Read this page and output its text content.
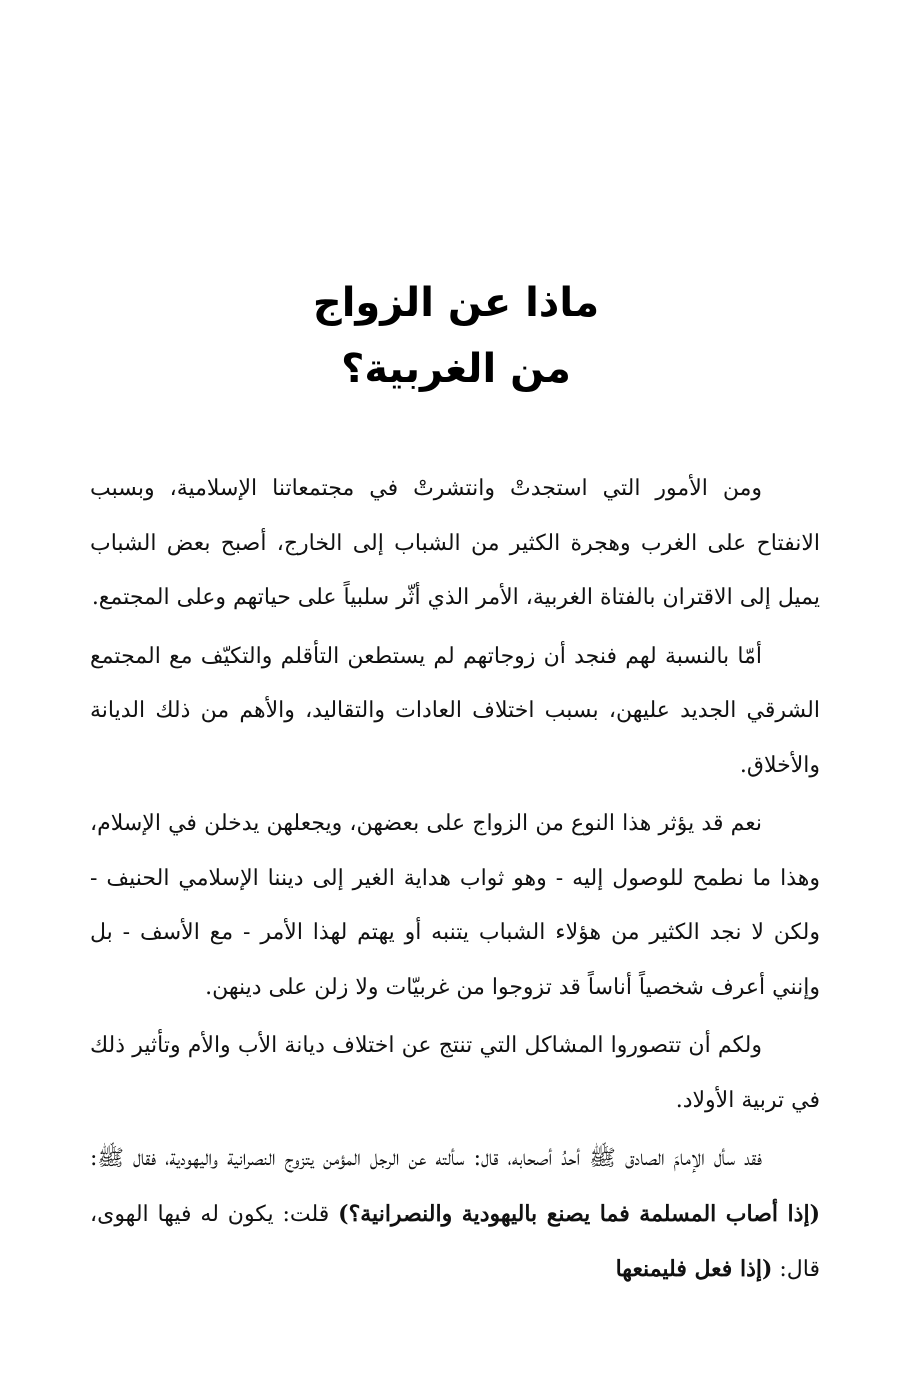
ماذا عن الزواج

من الغربية؟

ومن الأمور التي استجدتْ وانتشرتْ في مجتمعاتنا الإسلامية، وبسبب الانفتاح على الغرب وهجرة الكثير من الشباب إلى الخارج، أصبح بعض الشباب يميل إلى الاقتران بالفتاة الغربية، الأمر الذي أثّر سلبياً على حياتهم وعلى المجتمع.

أمّا بالنسبة لهم فنجد أن زوجاتهم لم يستطعن التأقلم والتكيّف مع المجتمع الشرقي الجديد عليهن، بسبب اختلاف العادات والتقاليد، والأهم من ذلك الديانة والأخلاق.

نعم قد يؤثر هذا النوع من الزواج على بعضهن، ويجعلهن يدخلن في الإسلام، وهذا ما نطمح للوصول إليه - وهو ثواب هداية الغير إلى ديننا الإسلامي الحنيف - ولكن لا نجد الكثير من هؤلاء الشباب يتنبه أو يهتم لهذا الأمر - مع الأسف - بل وإنني أعرف شخصياً أناساً قد تزوجوا من غربيّات ولا زلن على دينهن.

ولكم أن تتصوروا المشاكل التي تنتج عن اختلاف ديانة الأب والأم وتأثير ذلك في تربية الأولاد.

فقد سأل الإمامَ الصادق ﷺ أحدُ أصحابه، قال: سألته عن الرجل المؤمن يتزوج النصرانية واليهودية، فقال ﷺ: (إذا أصاب المسلمة فما يصنع باليهودية والنصرانية؟) قلت: يكون له فيها الهوى، قال: (إذا فعل فليمنعها
